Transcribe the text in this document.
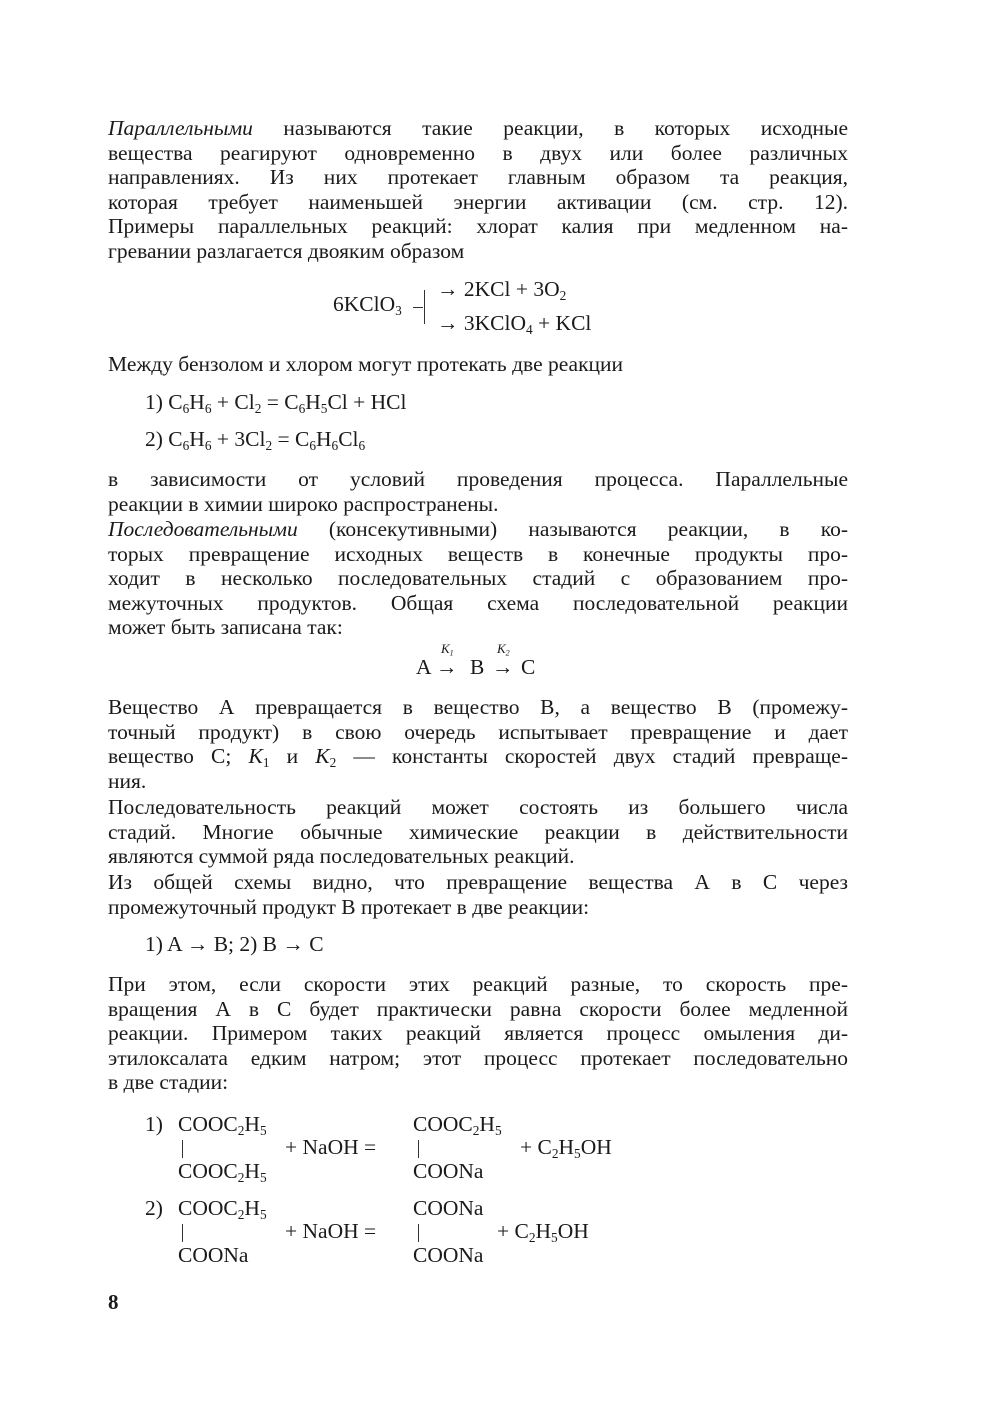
Параллельными называются такие реакции, в которых исходные
вещества реагируют одновременно в двух или более различных
направлениях. Из них протекает главным образом та реакция,
которая требует наименьшей энергии активации (см. стр. 12).
Примеры параллельных реакций: хлорат калия при медленном на-
гревании разлагается двояким образом
6KClO$_3$
→ $2KCl + 3O_2$
→ 3KClO$_4$ + KCl
Между бензолом и хлором могут протекать две реакции
1) $C_6H_6 + Cl_2 = C_6H_5Cl$ + HCl
2) $C_6H_6 + 3Cl_2 = C_6H_6Cl_6$
в зависимости от условий проведения процесса. Параллельные
реакции в химии широко распространены.
Последовательными (консекутивными) называются реакции, в ко-
торых превращение исходных веществ в конечные продукты про-
ходит в несколько последовательных стадий с образованием про-
межуточных продуктов. Общая схема последовательной реакции
может быть записана так:
A →
$K_1$
B →
$K_2$
C
Вещество А превращается в вещество В, а вещество В (промежу-
точный продукт) в свою очередь испытывает превращение и дает
вещество С; $K_1$ и $K_2$ — константы скоростей двух стадий превраще-
ния.
Последовательность реакций может состоять из большего числа
стадий. Многие обычные химические реакции в действительности
являются суммой ряда последовательных реакций.
Из общей схемы видно, что превращение вещества А в С через
промежуточный продукт В протекает в две реакции:
1) A → B; 2) B → C
При этом, если скорости этих реакций разные, то скорость пре-
вращения А в С будет практически равна скорости более медленной
реакции. Примером таких реакций является процесс омыления ди-
этилоксалата едким натром; этот процесс протекает последовательно
в две стадии:
1) $COOC_2H_5$
$COOC_2H_5$
+ NaOH =
$COOC_2H_5$
COONa
+ $C_2H_5OH$
2) $COOC_2H_5$
COONa
+ NaOH =
COONa
COONa
+ $C_2H_5OH$
8
